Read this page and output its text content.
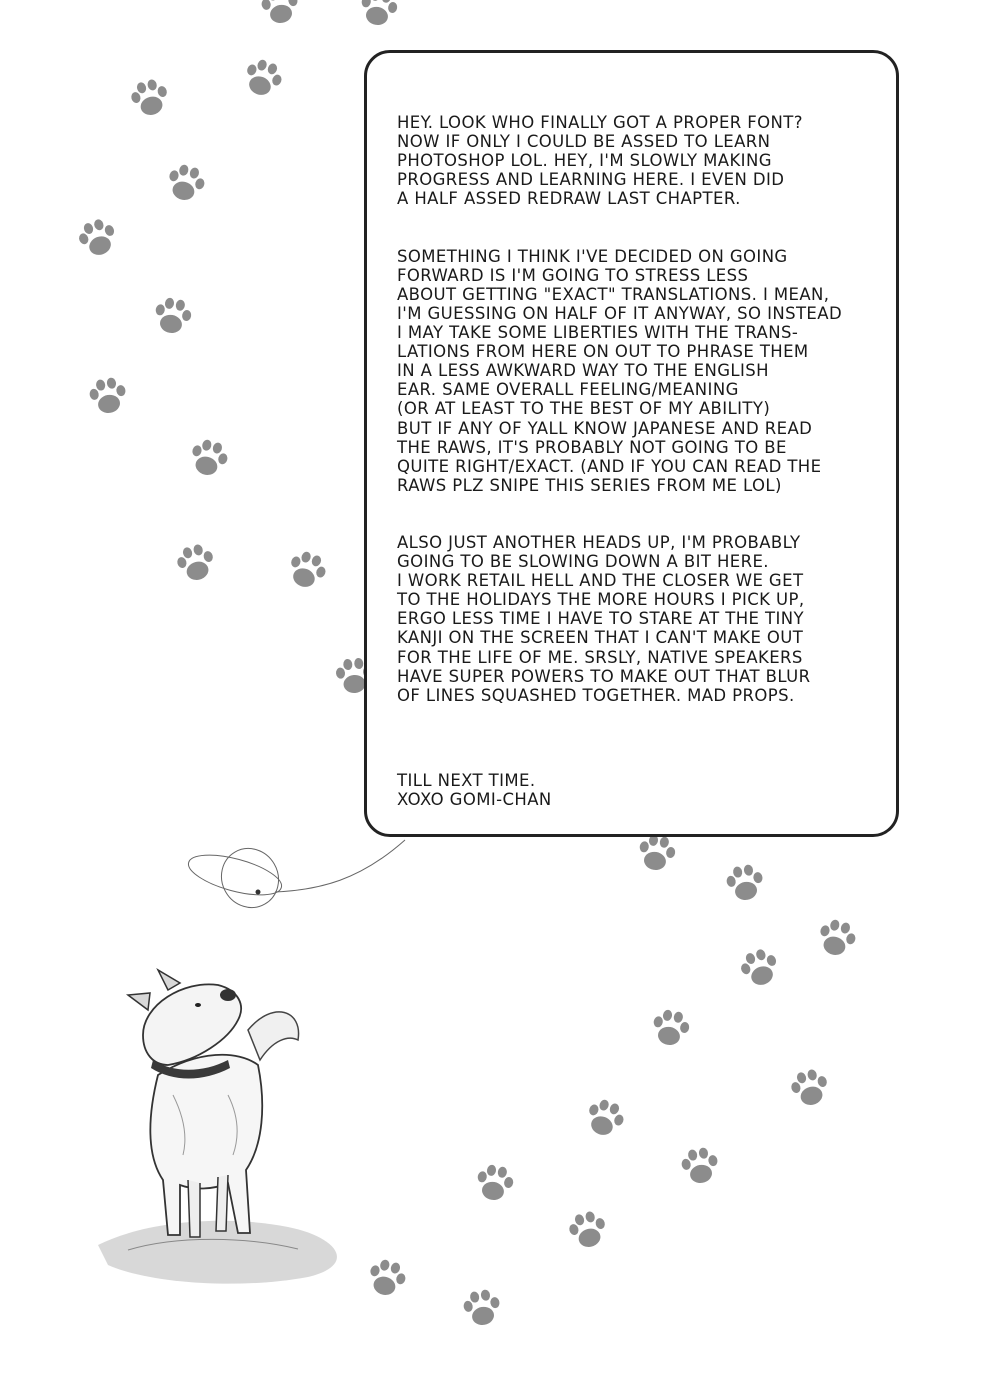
HEY. LOOK WHO FINALLY GOT A PROPER FONT?
NOW IF ONLY I COULD BE ASSED TO LEARN
PHOTOSHOP LOL. HEY, I'M SLOWLY MAKING
PROGRESS AND LEARNING HERE. I EVEN DID
A HALF ASSED REDRAW LAST CHAPTER.

SOMETHING I THINK I'VE DECIDED ON GOING
FORWARD IS I'M GOING TO STRESS LESS
ABOUT GETTING "EXACT" TRANSLATIONS. I MEAN,
I'M GUESSING ON HALF OF IT ANYWAY, SO INSTEAD
I MAY TAKE SOME LIBERTIES WITH THE TRANS-
LATIONS FROM HERE ON OUT TO PHRASE THEM
IN A LESS AWKWARD WAY TO THE ENGLISH
EAR. SAME OVERALL FEELING/MEANING
(OR AT LEAST TO THE BEST OF MY ABILITY)
BUT IF ANY OF YALL KNOW JAPANESE AND READ
THE RAWS, IT'S PROBABLY NOT GOING TO BE
QUITE RIGHT/EXACT. (AND IF YOU CAN READ THE
RAWS PLZ SNIPE THIS SERIES FROM ME LOL)

ALSO JUST ANOTHER HEADS UP, I'M PROBABLY
GOING TO BE SLOWING DOWN A BIT HERE.
I WORK RETAIL HELL AND THE CLOSER WE GET
TO THE HOLIDAYS THE MORE HOURS I PICK UP,
ERGO LESS TIME I HAVE TO STARE AT THE TINY
KANJI ON THE SCREEN THAT I CAN'T MAKE OUT
FOR THE LIFE OF ME. SRSLY, NATIVE SPEAKERS
HAVE SUPER POWERS TO MAKE OUT THAT BLUR
OF LINES SQUASHED TOGETHER. MAD PROPS.

TILL NEXT TIME.
XOXO GOMI-CHAN
